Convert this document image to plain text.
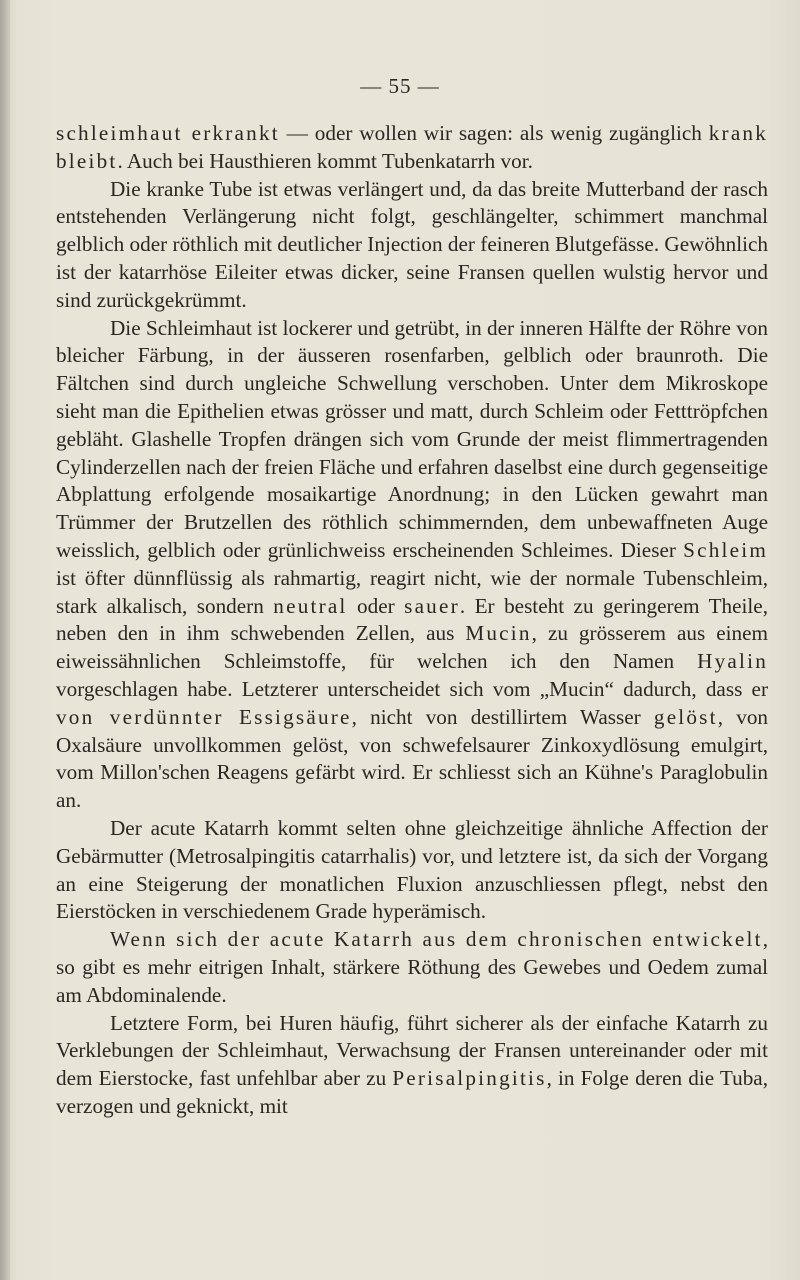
— 55 —

schleimhaut erkrankt — oder wollen wir sagen: als wenig zugänglich krank bleibt. Auch bei Hausthieren kommt Tubenkatarrh vor.

Die kranke Tube ist etwas verlängert und, da das breite Mutterband der rasch entstehenden Verlängerung nicht folgt, geschlängelter, schimmert manchmal gelblich oder röthlich mit deutlicher Injection der feineren Blutgefässe. Gewöhnlich ist der katarrhöse Eileiter etwas dicker, seine Fransen quellen wulstig hervor und sind zurückgekrümmt.

Die Schleimhaut ist lockerer und getrübt, in der inneren Hälfte der Röhre von bleicher Färbung, in der äusseren rosenfarben, gelblich oder braunroth. Die Fältchen sind durch ungleiche Schwellung verschoben. Unter dem Mikroskope sieht man die Epithelien etwas grösser und matt, durch Schleim oder Fetttröpfchen gebläht. Glashelle Tropfen drängen sich vom Grunde der meist flimmertragenden Cylinderzellen nach der freien Fläche und erfahren daselbst eine durch gegenseitige Abplattung erfolgende mosaikartige Anordnung; in den Lücken gewahrt man Trümmer der Brutzellen des röthlich schimmernden, dem unbewaffneten Auge weisslich, gelblich oder grünlichweiss erscheinenden Schleimes. Dieser Schleim ist öfter dünnflüssig als rahmartig, reagirt nicht, wie der normale Tubenschleim, stark alkalisch, sondern neutral oder sauer. Er besteht zu geringerem Theile, neben den in ihm schwebenden Zellen, aus Mucin, zu grösserem aus einem eiweissähnlichen Schleimstoffe, für welchen ich den Namen Hyalin vorgeschlagen habe. Letzterer unterscheidet sich vom „Mucin“ dadurch, dass er von verdünnter Essigsäure, nicht von destillirtem Wasser gelöst, von Oxalsäure unvollkommen gelöst, von schwefelsaurer Zinkoxydlösung emulgirt, vom Millon'schen Reagens gefärbt wird. Er schliesst sich an Kühne's Paraglobulin an.

Der acute Katarrh kommt selten ohne gleichzeitige ähnliche Affection der Gebärmutter (Metrosalpingitis catarrhalis) vor, und letztere ist, da sich der Vorgang an eine Steigerung der monatlichen Fluxion anzuschliessen pflegt, nebst den Eierstöcken in verschiedenem Grade hyperämisch.

Wenn sich der acute Katarrh aus dem chronischen entwickelt, so gibt es mehr eitrigen Inhalt, stärkere Röthung des Gewebes und Oedem zumal am Abdominalende.

Letztere Form, bei Huren häufig, führt sicherer als der einfache Katarrh zu Verklebungen der Schleimhaut, Verwachsung der Fransen untereinander oder mit dem Eierstocke, fast unfehlbar aber zu Perisalpingitis, in Folge deren die Tuba, verzogen und geknickt, mit
